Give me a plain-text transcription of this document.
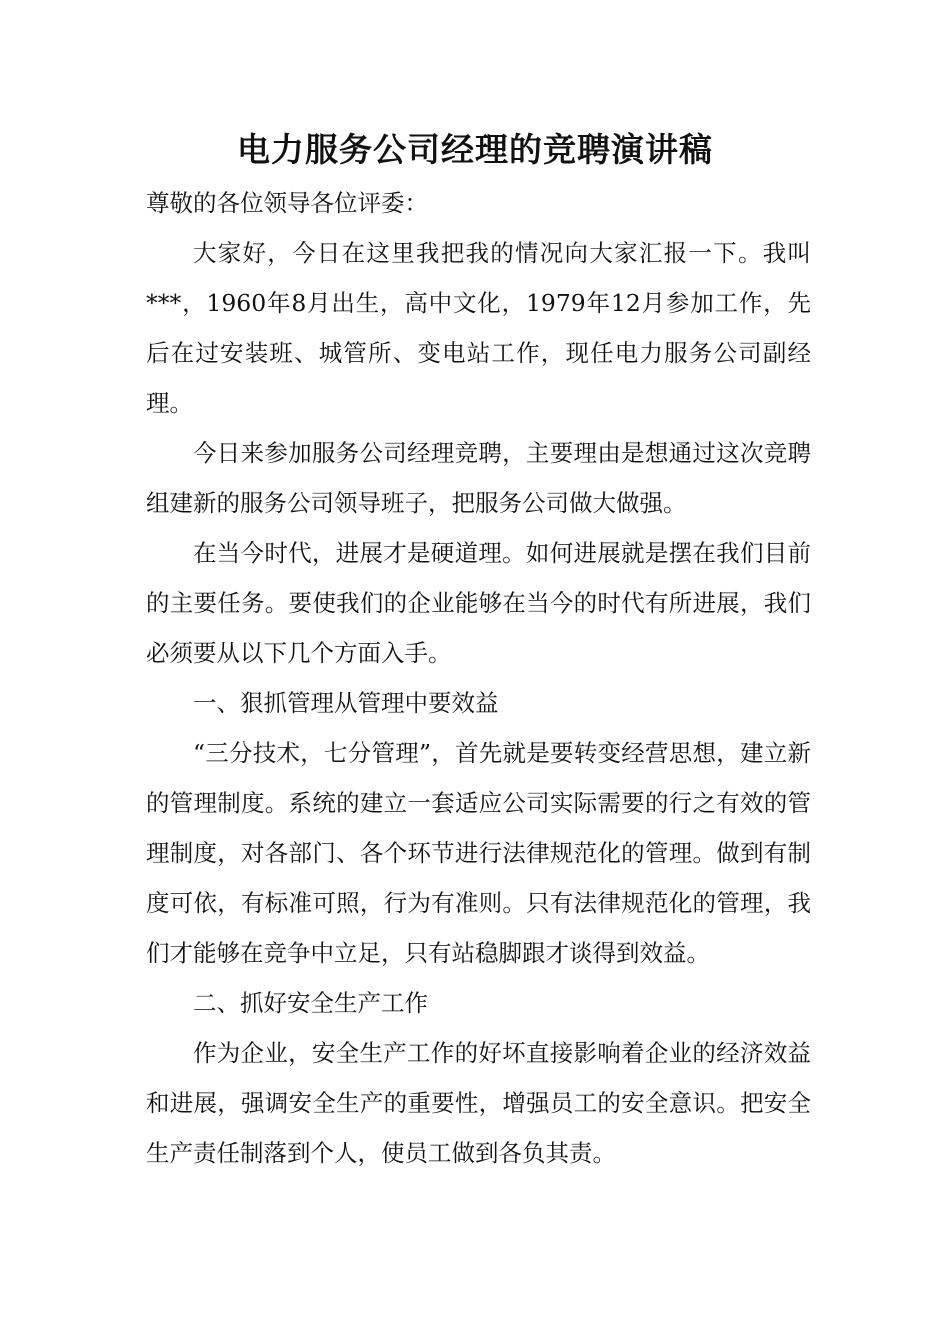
电力服务公司经理的竞聘演讲稿

尊敬的各位领导各位评委：

大家好，今日在这里我把我的情况向大家汇报一下。我叫***，1960年8月出生，高中文化，1979年12月参加工作，先后在过安装班、城管所、变电站工作，现任电力服务公司副经理。

今日来参加服务公司经理竞聘，主要理由是想通过这次竞聘组建新的服务公司领导班子，把服务公司做大做强。

在当今时代，进展才是硬道理。如何进展就是摆在我们目前的主要任务。要使我们的企业能够在当今的时代有所进展，我们必须要从以下几个方面入手。

一、狠抓管理从管理中要效益

“三分技术，七分管理”，首先就是要转变经营思想，建立新的管理制度。系统的建立一套适应公司实际需要的行之有效的管理制度，对各部门、各个环节进行法律规范化的管理。做到有制度可依，有标准可照，行为有准则。只有法律规范化的管理，我们才能够在竞争中立足，只有站稳脚跟才谈得到效益。

二、抓好安全生产工作

作为企业，安全生产工作的好坏直接影响着企业的经济效益和进展，强调安全生产的重要性，增强员工的安全意识。把安全生产责任制落到个人，使员工做到各负其责。
